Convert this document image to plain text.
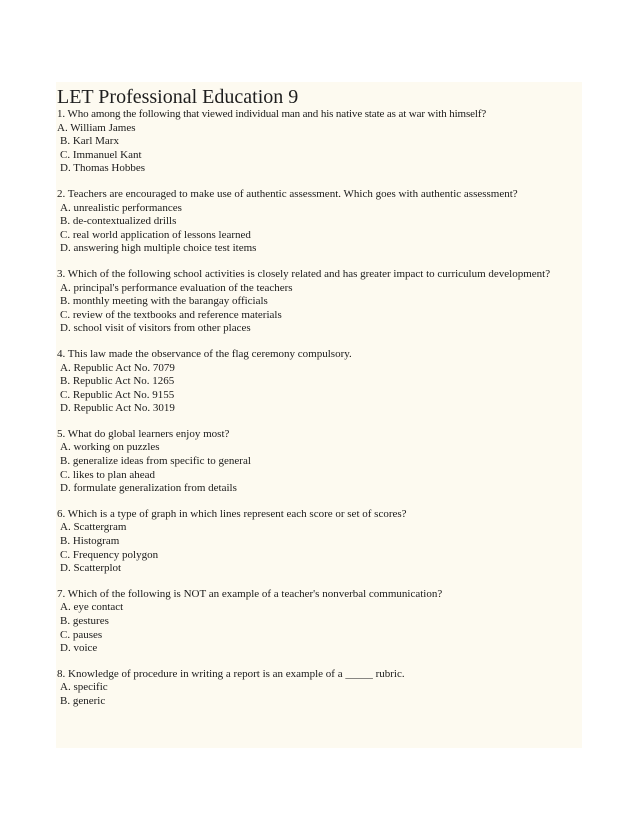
LET Professional Education 9

1. Who among the following that viewed individual man and his native state as at war with himself?

A. William James

B. Karl Marx

C. Immanuel Kant

D. Thomas Hobbes

2. Teachers are encouraged to make use of authentic assessment. Which goes with authentic assessment?

A. unrealistic performances

B. de-contextualized drills

C. real world application of lessons learned

D. answering high multiple choice test items

3. Which of the following school activities is closely related and has greater impact to curriculum development?

A. principal's performance evaluation of the teachers

B. monthly meeting with the barangay officials

C. review of the textbooks and reference materials

D. school visit of visitors from other places

4. This law made the observance of the flag ceremony compulsory.

A. Republic Act No. 7079

B. Republic Act No. 1265

C. Republic Act No. 9155

D. Republic Act No. 3019

5. What do global learners enjoy most?

A. working on puzzles

B. generalize ideas from specific to general

C. likes to plan ahead

D. formulate generalization from details

6. Which is a type of graph in which lines represent each score or set of scores?

A. Scattergram

B. Histogram

C. Frequency polygon

D. Scatterplot

7. Which of the following is NOT an example of a teacher's nonverbal communication?

A. eye contact

B. gestures

C. pauses

D. voice

8. Knowledge of procedure in writing a report is an example of a _____ rubric.

A. specific

B. generic
